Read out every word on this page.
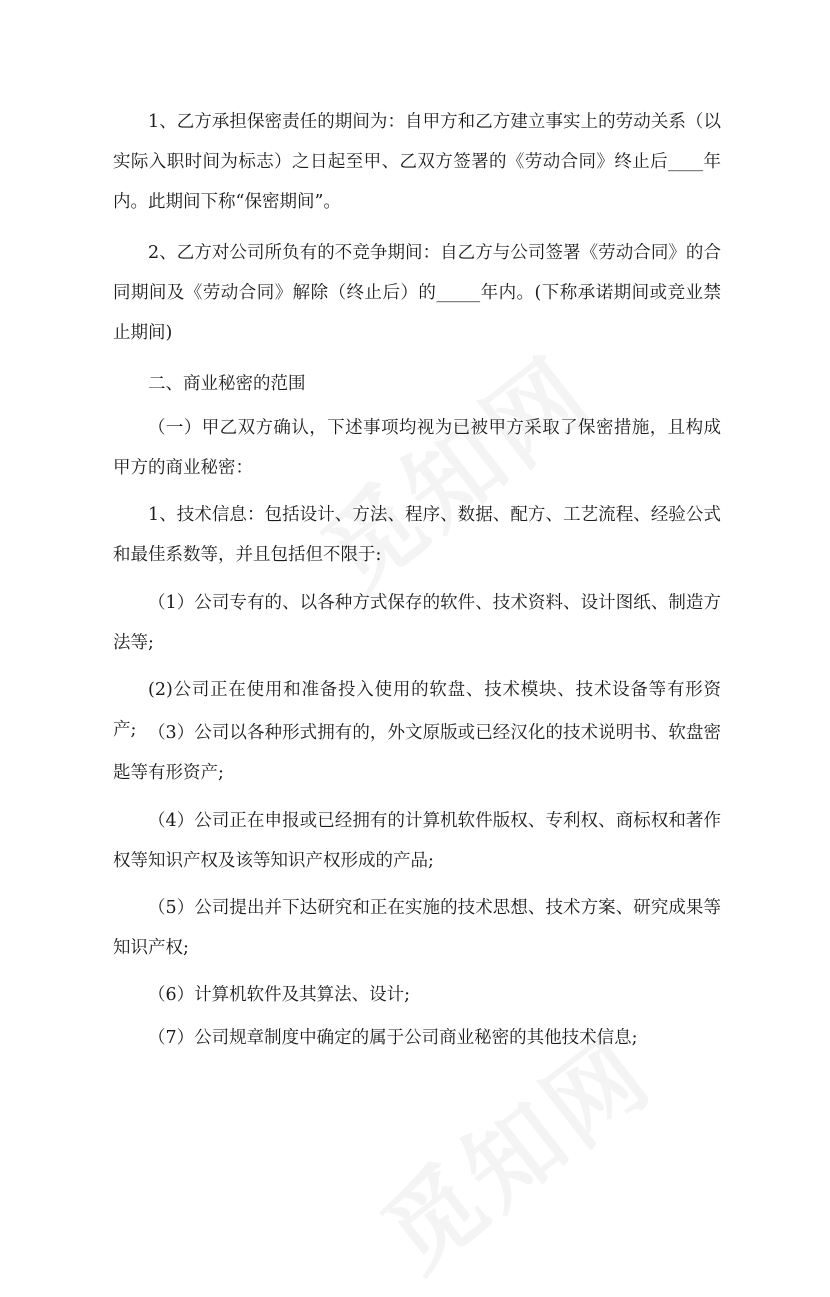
1、乙方承担保密责任的期间为：自甲方和乙方建立事实上的劳动关系（以实际入职时间为标志）之日起至甲、乙双方签署的《劳动合同》终止后____年内。此期间下称“保密期间”。

2、乙方对公司所负有的不竞争期间：自乙方与公司签署《劳动合同》的合同期间及《劳动合同》解除（终止后）的_____年内。(下称承诺期间或竞业禁止期间)

二、商业秘密的范围

（一）甲乙双方确认，下述事项均视为已被甲方采取了保密措施，且构成甲方的商业秘密：

1、技术信息：包括设计、方法、程序、数据、配方、工艺流程、经验公式和最佳系数等，并且包括但不限于:

（1）公司专有的、以各种方式保存的软件、技术资料、设计图纸、制造方法等;

(2)公司正在使用和准备投入使用的软盘、技术模块、技术设备等有形资产; （3）公司以各种形式拥有的，外文原版或已经汉化的技术说明书、软盘密匙等有形资产;

（4）公司正在申报或已经拥有的计算机软件版权、专利权、商标权和著作权等知识产权及该等知识产权形成的产品;

（5）公司提出并下达研究和正在实施的技术思想、技术方案、研究成果等知识产权;

（6）计算机软件及其算法、设计;

（7）公司规章制度中确定的属于公司商业秘密的其他技术信息;
